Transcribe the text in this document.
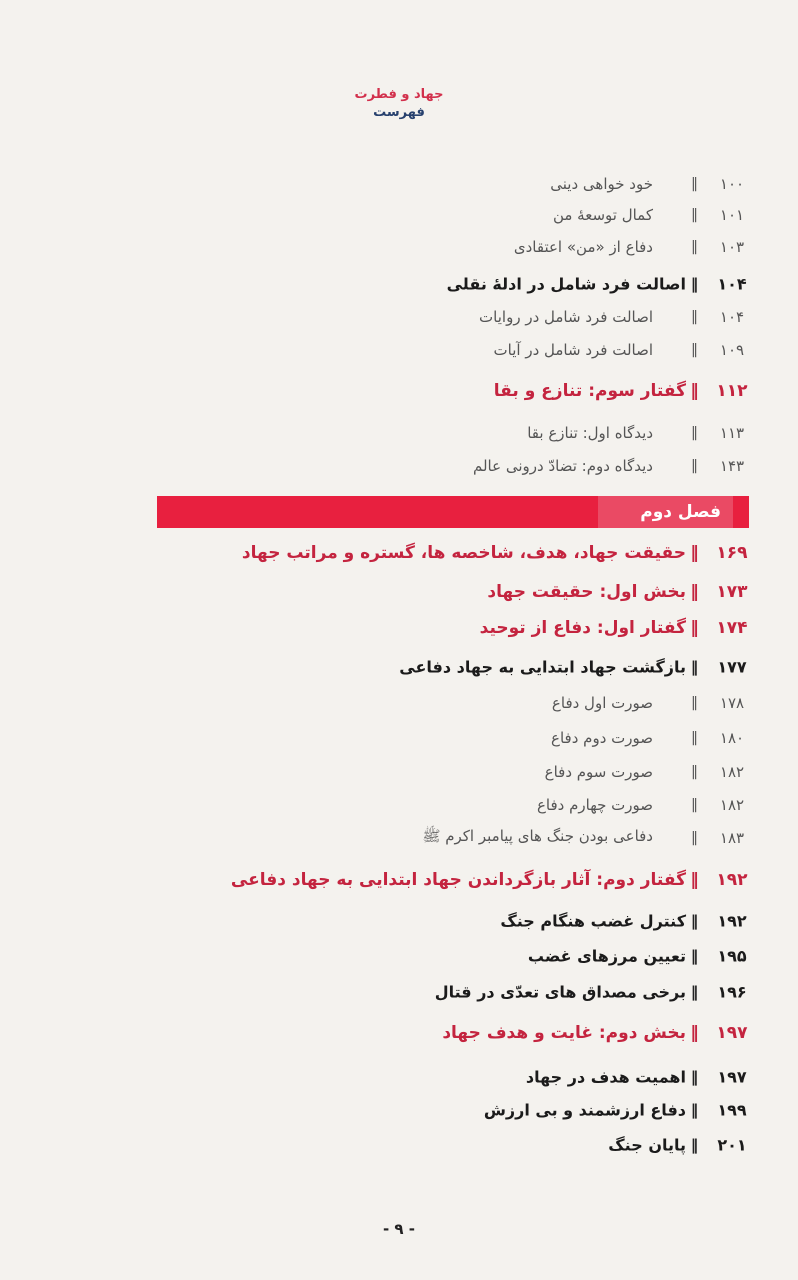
جهاد و فطرت
فهرست
۱۰۰
‖
خود خواهی دینی
۱۰۱
‖
کمال توسعهٔ من
۱۰۳
‖
دفاع از «من» اعتقادی
۱۰۴
‖
اصالت فرد شامل در ادلهٔ نقلی
۱۰۴
‖
اصالت فرد شامل در روایات
۱۰۹
‖
اصالت فرد شامل در آیات
۱۱۲
‖
گفتار سوم: تنازع و بقا
۱۱۳
‖
دیدگاه اول: تنازع بقا
۱۴۳
‖
دیدگاه دوم: تضادّ درونی عالم
۱۶۹
‖
حقیقت جهاد، هدف، شاخصه ها، گستره و مراتب جهاد
۱۷۳
‖
بخش اول: حقیقت جهاد
۱۷۴
‖
گفتار اول: دفاع از توحید
۱۷۷
‖
بازگشت جهاد ابتدایی به جهاد دفاعی
۱۷۸
‖
صورت اول دفاع
۱۸۰
‖
صورت دوم دفاع
۱۸۲
‖
صورت سوم دفاع
۱۸۲
‖
صورت چهارم دفاع
۱۸۳
‖
دفاعی بودن جنگ های پیامبر اکرم ﷺ
۱۹۲
‖
گفتار دوم: آثار بازگرداندن جهاد ابتدایی به جهاد دفاعی
۱۹۲
‖
کنترل غضب هنگام جنگ
۱۹۵
‖
تعیین مرزهای غضب
۱۹۶
‖
برخی مصداق های تعدّی در قتال
۱۹۷
‖
بخش دوم: غایت و هدف جهاد
۱۹۷
‖
اهمیت هدف در جهاد
۱۹۹
‖
دفاع ارزشمند و بی ارزش
۲۰۱
‖
پایان جنگ
فصل دوم
- ۹ -
